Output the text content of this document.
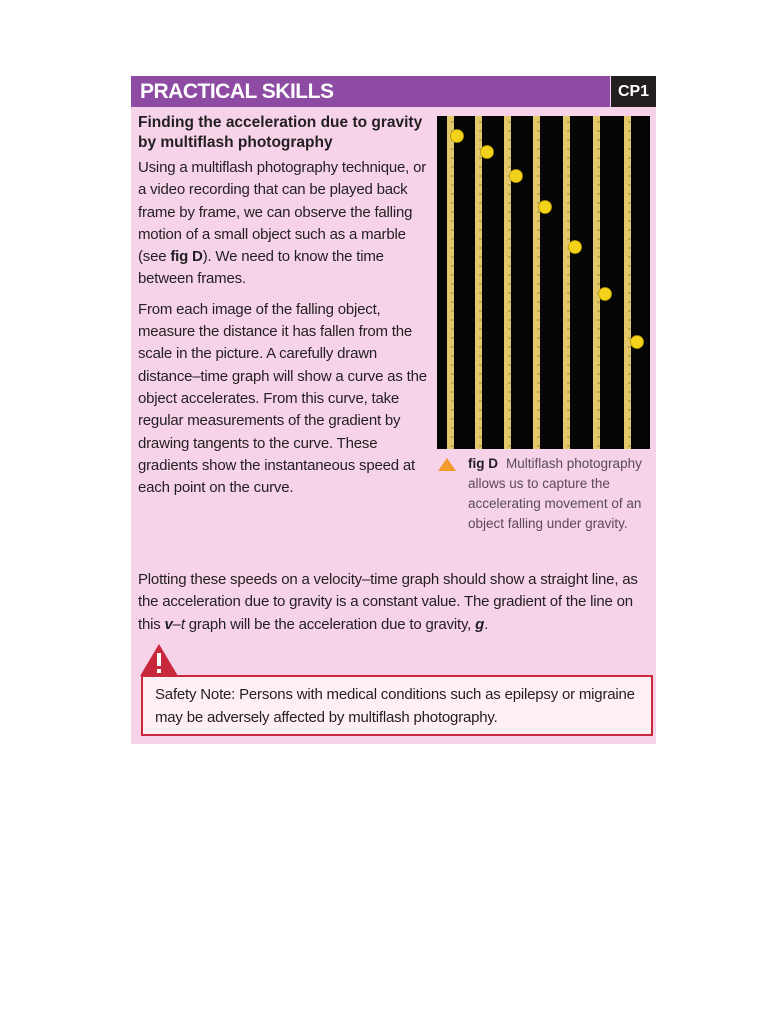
PRACTICAL SKILLS	CP1
Finding the acceleration due to gravity by multiflash photography

Using a multiflash photography technique, or a video recording that can be played back frame by frame, we can observe the falling motion of a small object such as a marble (see fig D). We need to know the time between frames.

From each image of the falling object, measure the distance it has fallen from the scale in the picture. A carefully drawn distance–time graph will show a curve as the object accelerates. From this curve, take regular measurements of the gradient by drawing tangents to the curve. These gradients show the instantaneous speed at each point on the curve.

fig D Multiflash photography allows us to capture the accelerating movement of an object falling under gravity.

Plotting these speeds on a velocity–time graph should show a straight line, as the acceleration due to gravity is a constant value. The gradient of the line on this v–t graph will be the acceleration due to gravity, g.

Safety Note: Persons with medical conditions such as epilepsy or migraine may be adversely affected by multiflash photography.
